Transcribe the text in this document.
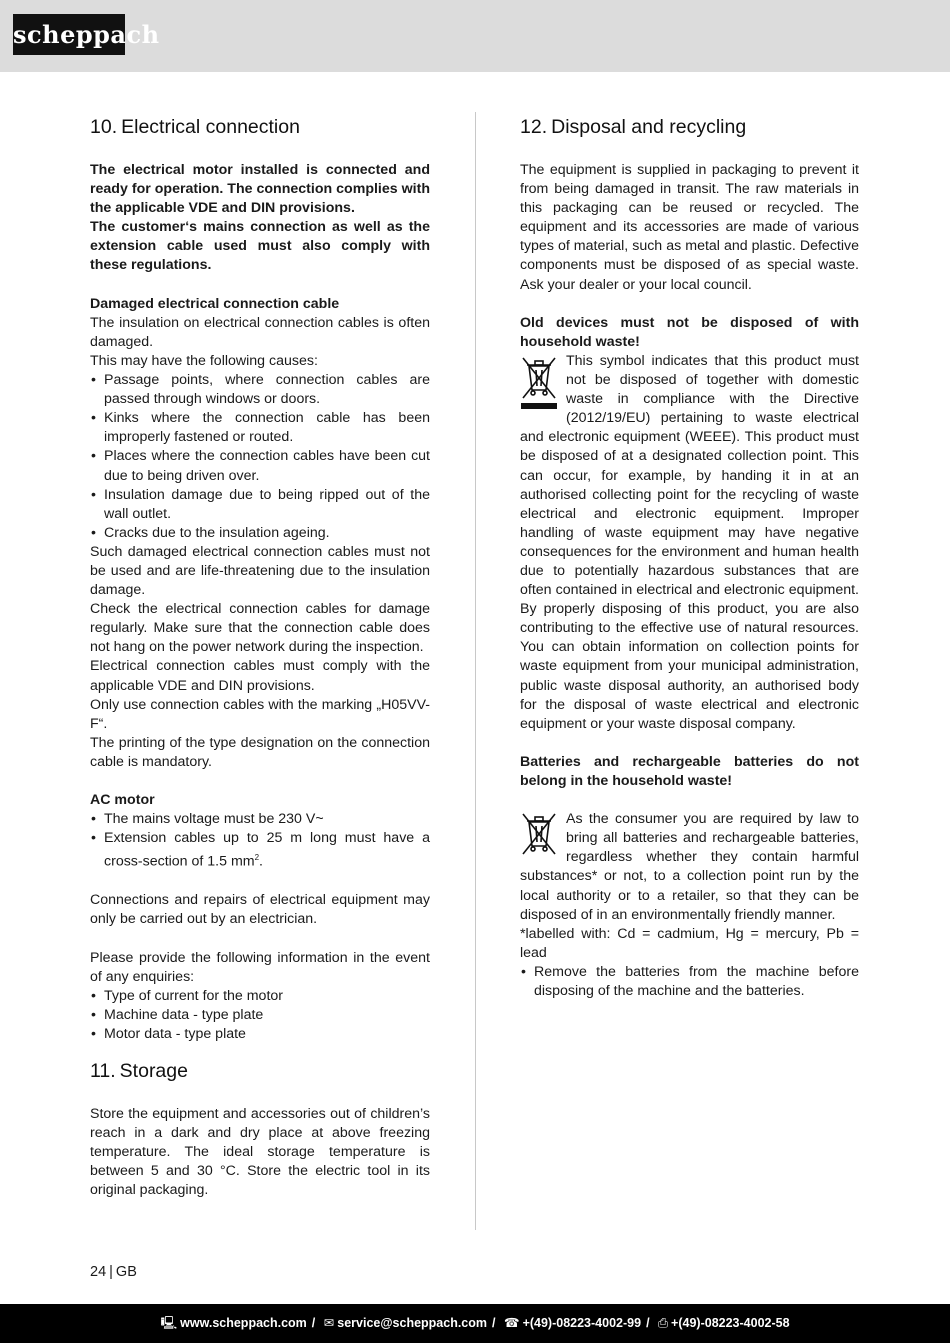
scheppach
10. Electrical connection

The electrical motor installed is connected and ready for operation. The connection complies with the applicable VDE and DIN provisions.

The customer‘s mains connection as well as the extension cable used must also comply with these regulations.

Damaged electrical connection cable

The insulation on electrical connection cables is often damaged.

This may have the following causes:

• Passage points, where connection cables are passed through windows or doors.
• Kinks where the connection cable has been improperly fastened or routed.
• Places where the connection cables have been cut due to being driven over.
• Insulation damage due to being ripped out of the wall outlet.
• Cracks due to the insulation ageing.

Such damaged electrical connection cables must not be used and are life-threatening due to the insulation damage.

Check the electrical connection cables for damage regularly. Make sure that the connection cable does not hang on the power network during the inspection.

Electrical connection cables must comply with the applicable VDE and DIN provisions.

Only use connection cables with the marking „H05VV-F“.

The printing of the type designation on the connection cable is mandatory.

AC motor

• The mains voltage must be 230 V~
• Extension cables up to 25 m long must have a cross-section of 1.5 $mm^2$.

Connections and repairs of electrical equipment may only be carried out by an electrician.

Please provide the following information in the event of any enquiries:

• Type of current for the motor
• Machine data - type plate
• Motor data - type plate
11. Storage

Store the equipment and accessories out of children’s reach in a dark and dry place at above freezing temperature. The ideal storage temperature is between 5 and 30 °C. Store the electric tool in its original packaging.

12. Disposal and recycling

The equipment is supplied in packaging to prevent it from being damaged in transit. The raw materials in this packaging can be reused or recycled. The equipment and its accessories are made of various types of material, such as metal and plastic. Defective components must be disposed of as special waste. Ask your dealer or your local council.

Old devices must not be disposed of with household waste!

This symbol indicates that this product must not be disposed of together with domestic waste in compliance with the Directive (2012/19/EU) pertaining to waste electrical and electronic equipment (WEEE). This product must be disposed of at a designated collection point. This can occur, for example, by handing it in at an authorised collecting point for the recycling of waste electrical and electronic equipment. Improper handling of waste equipment may have negative consequences for the environment and human health due to potentially hazardous substances that are often contained in electrical and electronic equipment. By properly disposing of this product, you are also contributing to the effective use of natural resources. You can obtain information on collection points for waste equipment from your municipal administration, public waste disposal authority, an authorised body for the disposal of waste electrical and electronic equipment or your waste disposal company.

Batteries and rechargeable batteries do not belong in the household waste!

As the consumer you are required by law to bring all batteries and rechargeable batteries, regardless whether they contain harmful substances* or not, to a collection point run by the local authority or to a retailer, so that they can be disposed of in an environmentally friendly manner.

*labelled with: Cd = cadmium, Hg = mercury, Pb = lead

• Remove the batteries from the machine before disposing of the machine and the batteries.
24 | GB
🖳 www.scheppach.com / ✉ service@scheppach.com / ☎ +(49)-08223-4002-99 / ⎙ +(49)-08223-4002-58
